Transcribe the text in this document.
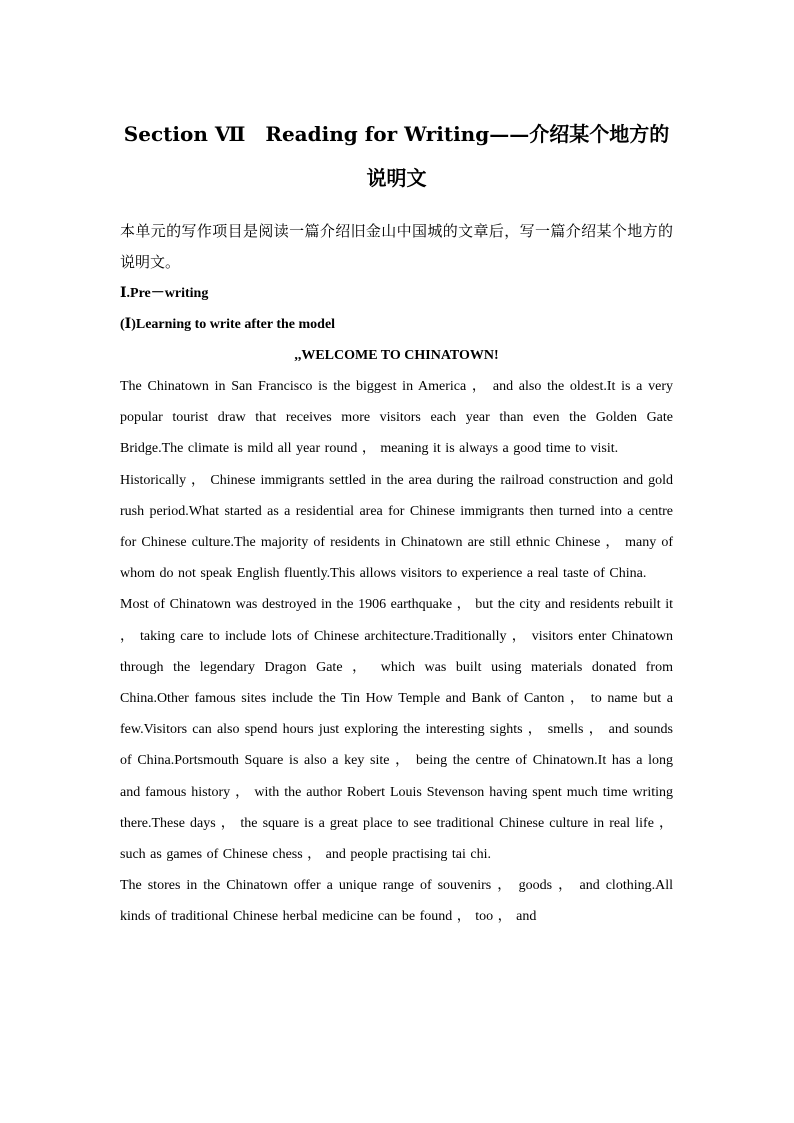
Section Ⅶ　Reading for Writing——介绍某个地方的说明文

本单元的写作项目是阅读一篇介绍旧金山中国城的文章后，写一篇介绍某个地方的说明文。

Ⅰ.Pre－writing

(Ⅰ)Learning to write after the model

,,WELCOME TO CHINATOWN!

The Chinatown in San Francisco is the biggest in America ， and also the oldest.It is a very popular tourist draw that receives more visitors each year than even the Golden Gate Bridge.The climate is mild all year round ， meaning it is always a good time to visit.

Historically ， Chinese immigrants settled in the area during the railroad construction and gold rush period.What started as a residential area for Chinese immigrants then turned into a centre for Chinese culture.The majority of residents in Chinatown are still ethnic Chinese ， many of whom do not speak English fluently.This allows visitors to experience a real taste of China.

Most of Chinatown was destroyed in the 1906 earthquake ， but the city and residents rebuilt it ， taking care to include lots of Chinese architecture.Traditionally ， visitors enter Chinatown through the legendary Dragon Gate ， which was built using materials donated from China.Other famous sites include the Tin How Temple and Bank of Canton ， to name but a few.Visitors can also spend hours just exploring the interesting sights ， smells ， and sounds of China.Portsmouth Square is also a key site ， being the centre of Chinatown.It has a long and famous history ， with the author Robert Louis Stevenson having spent much time writing there.These days ， the square is a great place to see traditional Chinese culture in real life ， such as games of Chinese chess ， and people practising tai chi.

The stores in the Chinatown offer a unique range of souvenirs ， goods ， and clothing.All kinds of traditional Chinese herbal medicine can be found ， too ， and
